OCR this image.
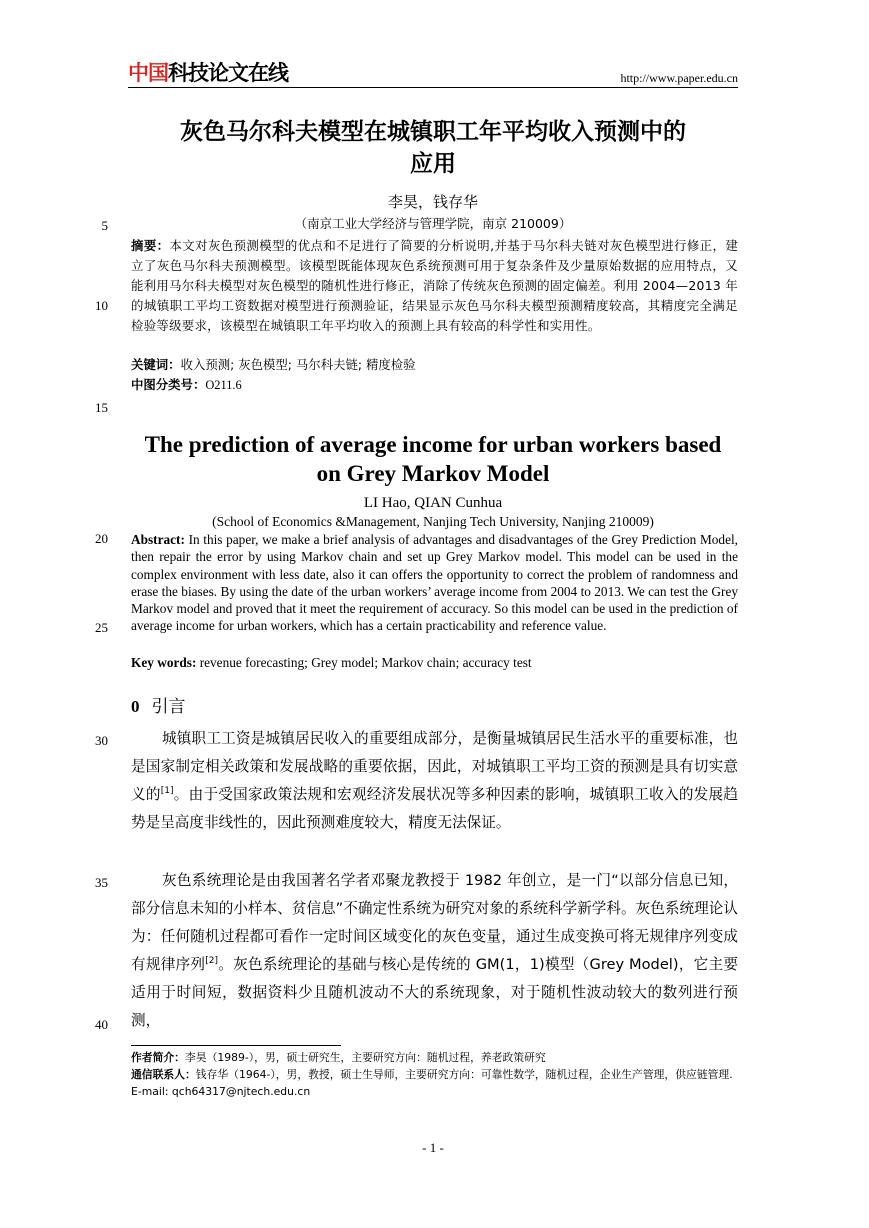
中国科技论文在线	http://www.paper.edu.cn
5
10
15
20
25
30
35
40
灰色马尔科夫模型在城镇职工年平均收入预测中的
应用
李昊，钱存华
（南京工业大学经济与管理学院，南京 210009）
摘要：本文对灰色预测模型的优点和不足进行了简要的分析说明,并基于马尔科夫链对灰色模型进行修正，建立了灰色马尔科夫预测模型。该模型既能体现灰色系统预测可用于复杂条件及少量原始数据的应用特点，又能利用马尔科夫模型对灰色模型的随机性进行修正，消除了传统灰色预测的固定偏差。利用 2004—2013 年的城镇职工平均工资数据对模型进行预测验证，结果显示灰色马尔科夫模型预测精度较高，其精度完全满足检验等级要求，该模型在城镇职工年平均收入的预测上具有较高的科学性和实用性。
关键词：收入预测; 灰色模型; 马尔科夫链; 精度检验
中图分类号：O211.6
The prediction of average income for urban workers based
on Grey Markov Model
LI Hao, QIAN Cunhua
(School of Economics &Management, Nanjing Tech University, Nanjing 210009)
Abstract: In this paper, we make a brief analysis of advantages and disadvantages of the Grey Prediction Model, then repair the error by using Markov chain and set up Grey Markov model. This model can be used in the complex environment with less date, also it can offers the opportunity to correct the problem of randomness and erase the biases. By using the date of the urban workers’ average income from 2004 to 2013. We can test the Grey Markov model and proved that it meet the requirement of accuracy. So this model can be used in the prediction of average income for urban workers, which has a certain practicability and reference value.
Key words: revenue forecasting; Grey model; Markov chain; accuracy test
0 引言
城镇职工工资是城镇居民收入的重要组成部分，是衡量城镇居民生活水平的重要标准，也是国家制定相关政策和发展战略的重要依据，因此，对城镇职工平均工资的预测是具有切实意义的[1]。由于受国家政策法规和宏观经济发展状况等多种因素的影响，城镇职工收入的发展趋势是呈高度非线性的，因此预测难度较大，精度无法保证。
灰色系统理论是由我国著名学者邓聚龙教授于 1982 年创立，是一门“以部分信息已知，部分信息未知的小样本、贫信息”不确定性系统为研究对象的系统科学新学科。灰色系统理论认为：任何随机过程都可看作一定时间区域变化的灰色变量，通过生成变换可将无规律序列变成有规律序列[2]。灰色系统理论的基础与核心是传统的 GM(1，1)模型（Grey Model)，它主要适用于时间短，数据资料少且随机波动不大的系统现象，对于随机性波动较大的数列进行预测，
作者简介：李昊（1989-），男，硕士研究生，主要研究方向：随机过程，养老政策研究
通信联系人：钱存华（1964-），男，教授，硕士生导师，主要研究方向：可靠性数学，随机过程，企业生产管理，供应链管理. E-mail: qch64317@njtech.edu.cn
- 1 -
